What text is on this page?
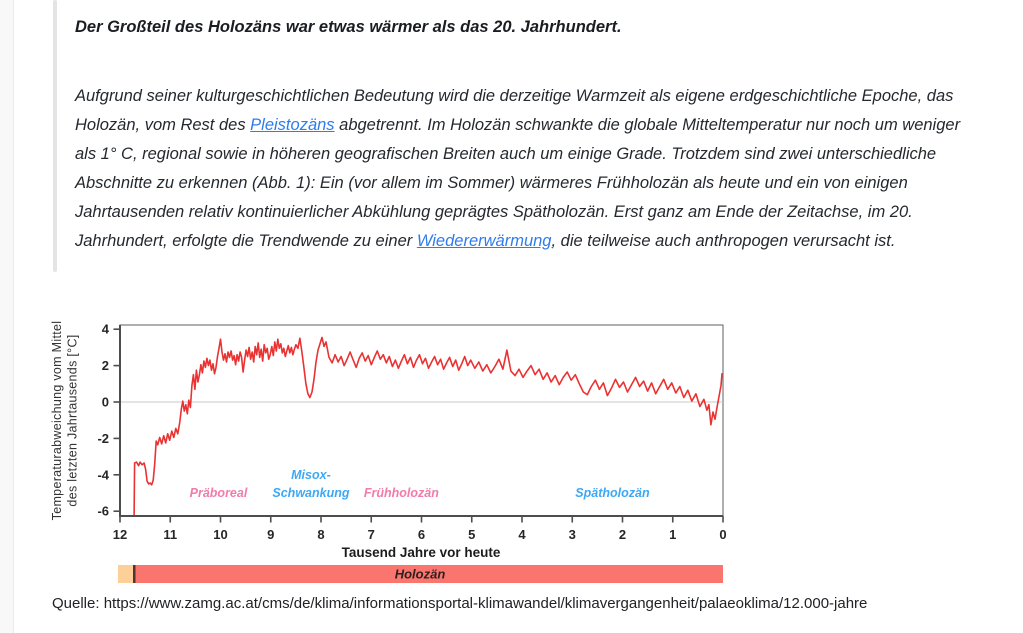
Der Großteil des Holozäns war etwas wärmer als das 20. Jahrhundert.

Aufgrund seiner kulturgeschichtlichen Bedeutung wird die derzeitige Warmzeit als eigene erdgeschichtliche Epoche, das Holozän, vom Rest des Pleistozäns abgetrennt. Im Holozän schwankte die globale Mitteltemperatur nur noch um weniger als 1° C, regional sowie in höheren geografischen Breiten auch um einige Grade. Trotzdem sind zwei unterschiedliche Abschnitte zu erkennen (Abb. 1): Ein (vor allem im Sommer) wärmeres Frühholozän als heute und ein von einigen Jahrtausenden relativ kontinuierlicher Abkühlung geprägtes Spätholozän. Erst ganz am Ende der Zeitachse, im 20. Jahrhundert, erfolgte die Trendwende zu einer Wiedererwärmung, die teilweise auch anthropogen verursacht ist.

4
2
0
-2
-4
-6
12	11	10	9	8	7	6	5	4	3	2	1	0
Präboreal
Misox-
Schwankung Frühholozän	Spätholozän
Temperaturabweichung vom Mittel des letzten Jahrtausends [°C]
Tausend Jahre vor heute
Holozän
Quelle: https://www.zamg.ac.at/cms/de/klima/informationsportal-klimawandel/klimavergangenheit/palaeoklima/12.000-jahre
